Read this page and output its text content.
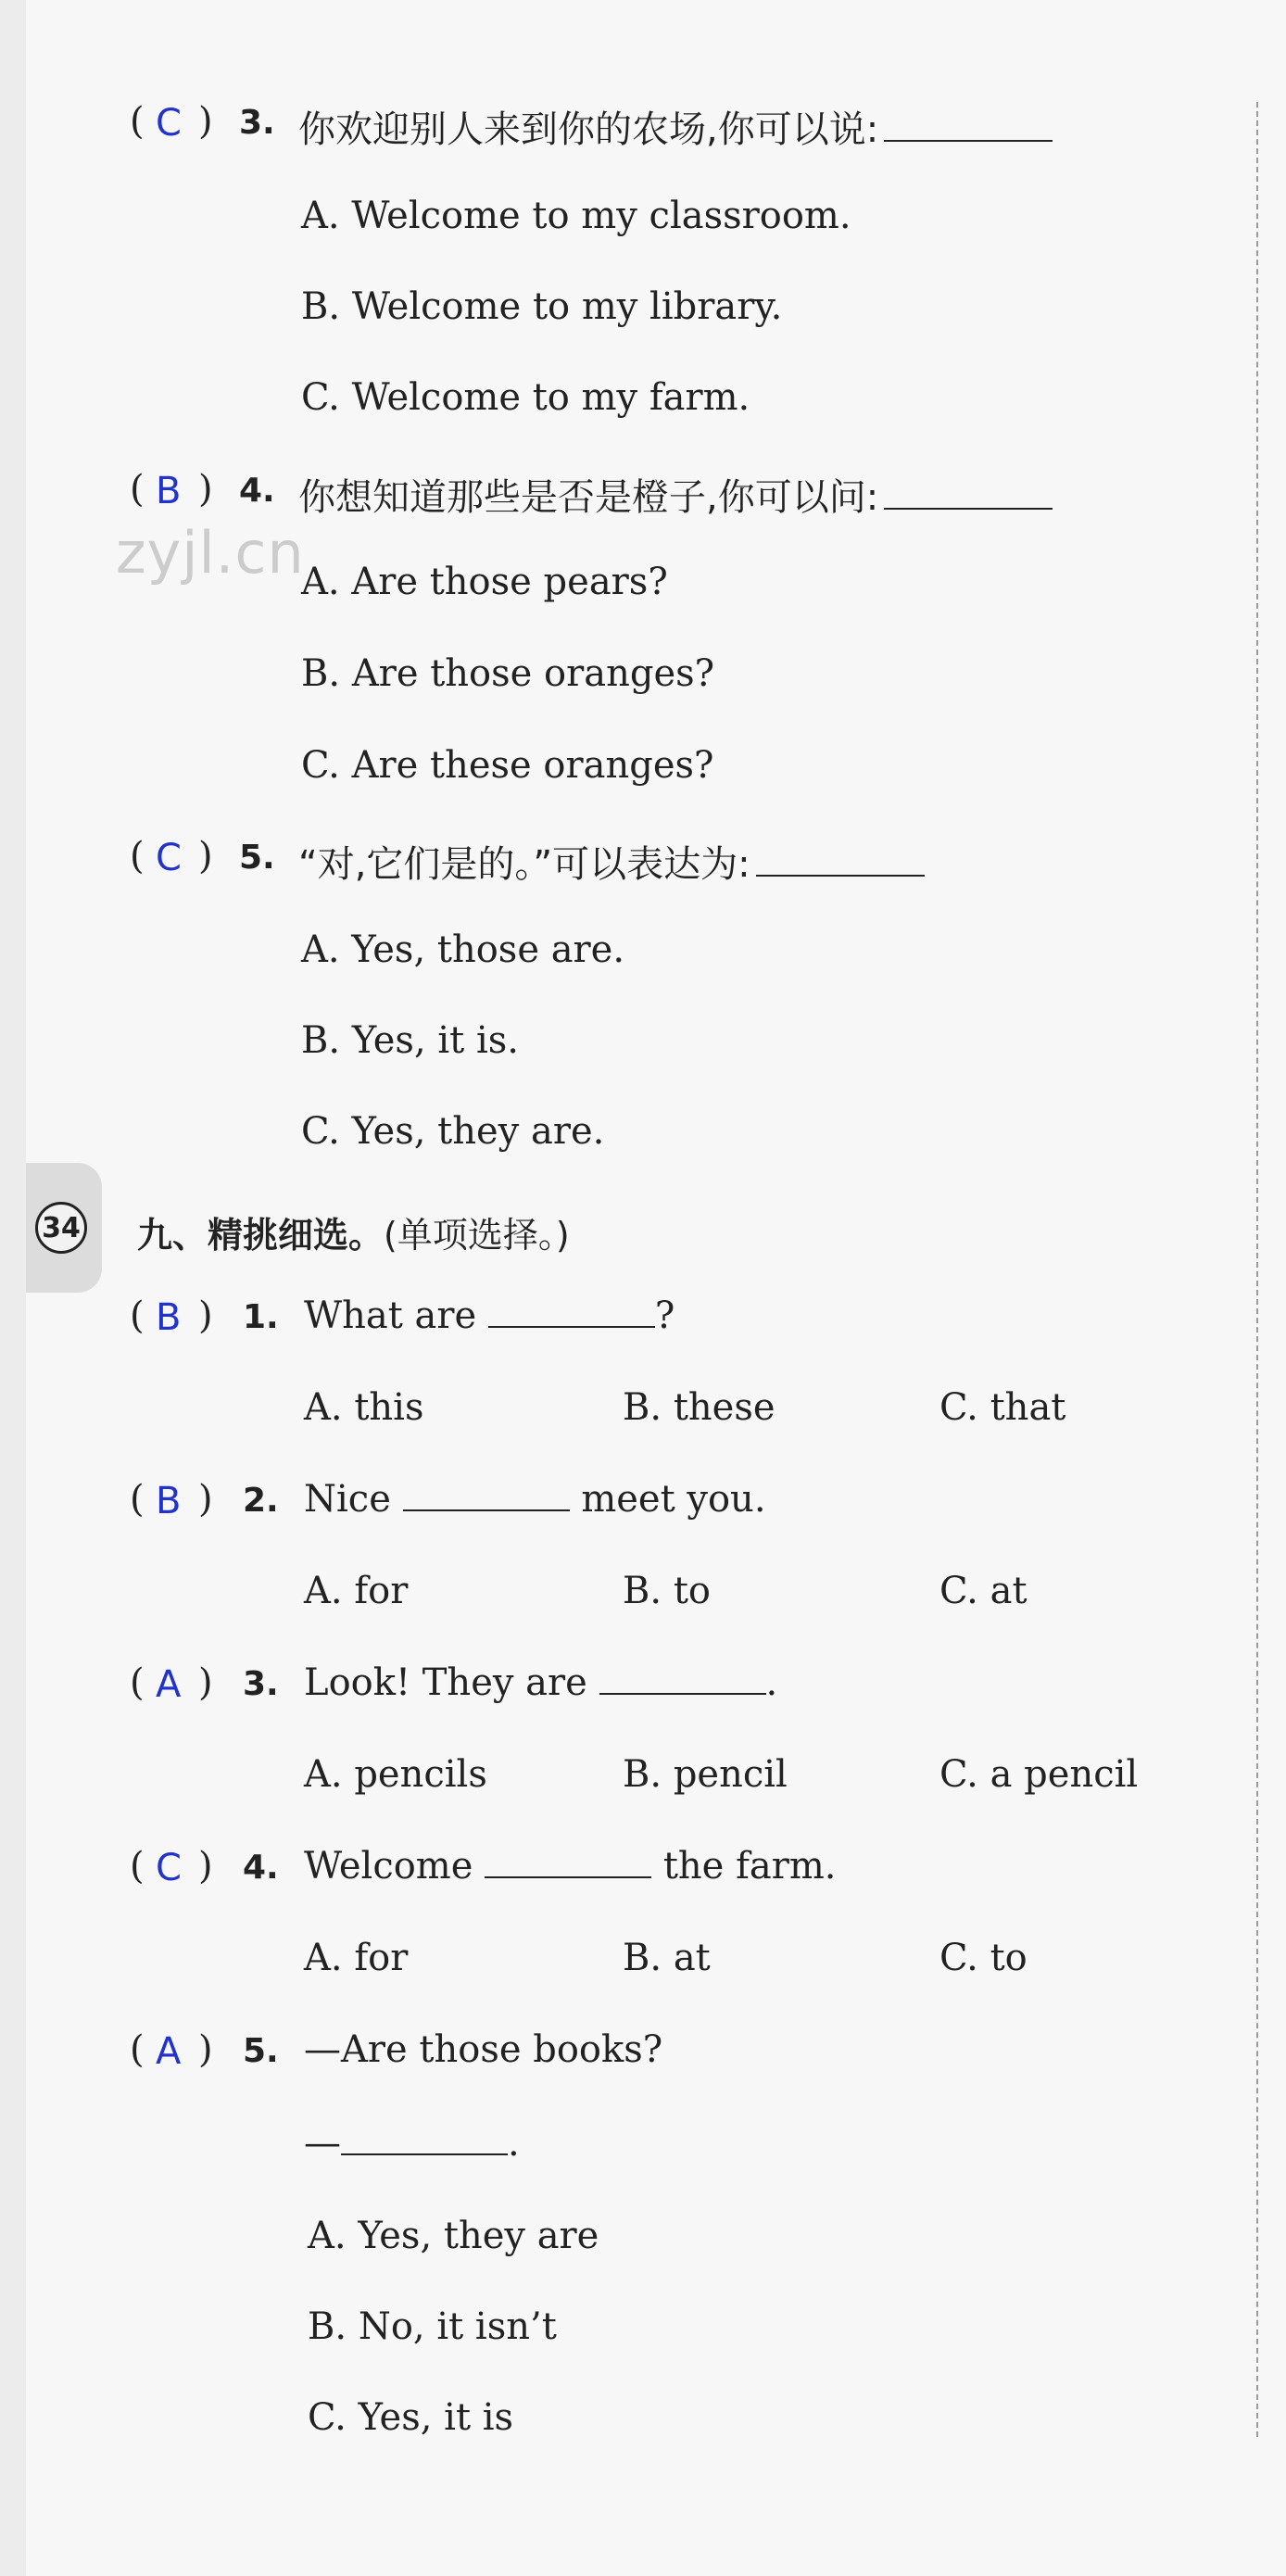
zyjl.cn
( C ) 3. 你欢迎别人来到你的农场,你可以说:
A. Welcome to my classroom.
B. Welcome to my library.
C. Welcome to my farm.
( B ) 4. 你想知道那些是否是橙子,你可以问:
A. Are those pears?
B. Are those oranges?
C. Are these oranges?
( C ) 5. “对,它们是的。”可以表达为:
A. Yes, those are.
B. Yes, it is.
C. Yes, they are.
34 九、精挑细选。(单项选择。)
( B ) 1. What are	?
A. this	B. these	C. that
( B ) 2. Nice	meet you.
A. for	B. to	C. at
( A ) 3. Look! They are	.
A. pencils	B. pencil	C. a pencil
( C ) 4. Welcome	the farm.
A. for	B. at	C. to
( A ) 5. —Are those books?
—	.
A. Yes, they are
B. No, it isn’t
C. Yes, it is
